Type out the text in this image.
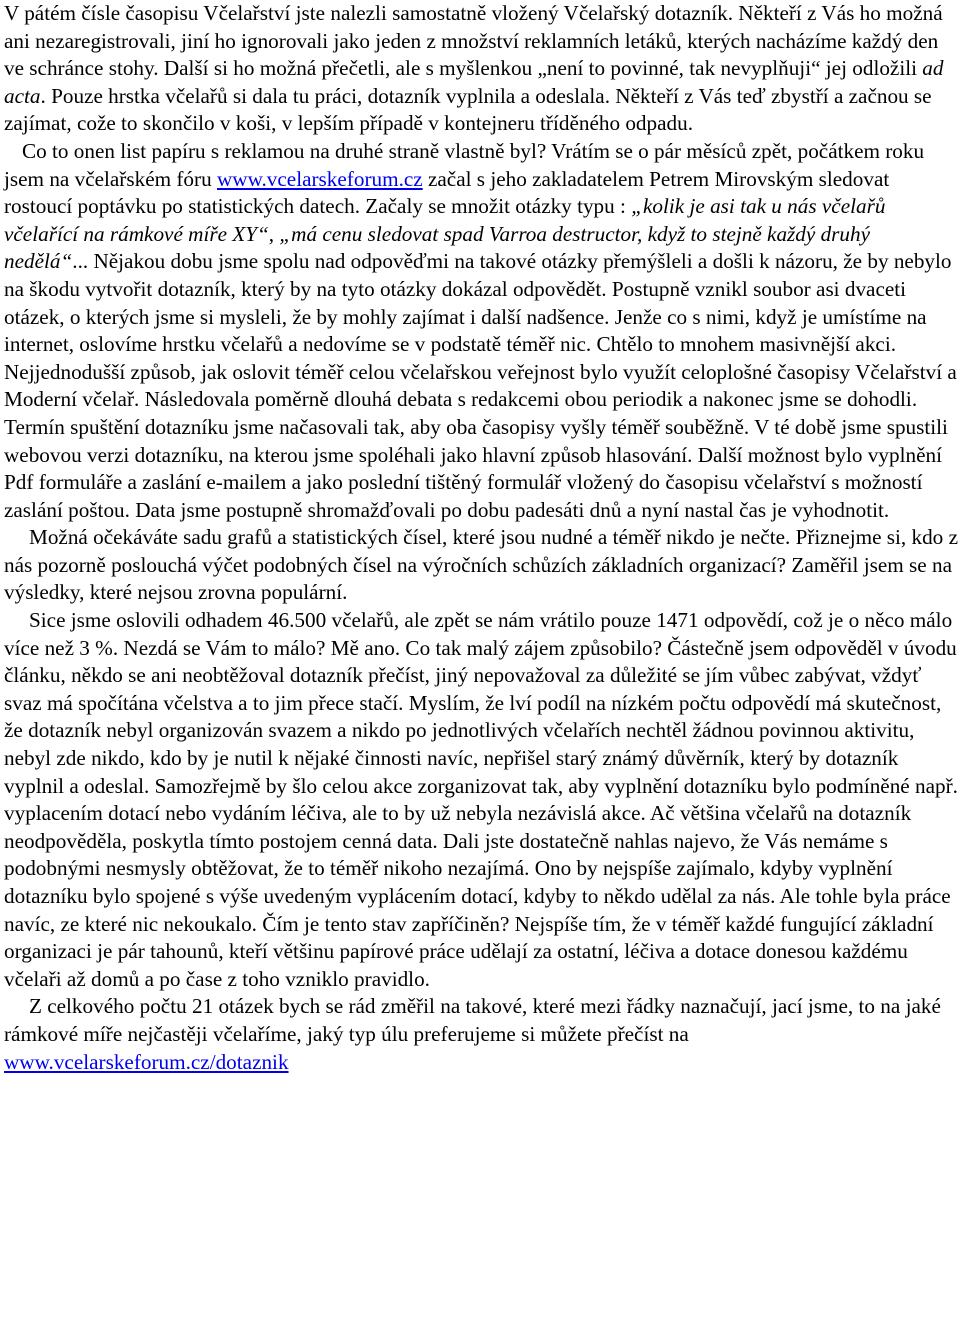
V pátém čísle časopisu Včelařství jste nalezli samostatně vložený Včelařský dotazník. Někteří z Vás ho možná ani nezaregistrovali, jiní ho ignorovali jako jeden z množství reklamních letáků, kterých nacházíme každý den ve schránce stohy. Další si ho možná přečetli, ale s myšlenkou „není to povinné, tak nevyplňuji“ jej odložili ad acta. Pouze hrstka včelařů si dala tu práci, dotazník vyplnila a odeslala. Někteří z Vás teď zbystří a začnou se zajímat, cože to skončilo v koši, v lepším případě v kontejneru tříděného odpadu.

Co to onen list papíru s reklamou na druhé straně vlastně byl? Vrátím se o pár měsíců zpět, počátkem roku jsem na včelařském fóru www.vcelarskeforum.cz začal s jeho zakladatelem Petrem Mirovským sledovat rostoucí poptávku po statistických datech. Začaly se množit otázky typu : „kolik je asi tak u nás včelařů včelařící na rámkové míře XY“, „má cenu sledovat spad Varroa destructor, když to stejně každý druhý nedělá“... Nějakou dobu jsme spolu nad odpověďmi na takové otázky přemýšleli a došli k názoru, že by nebylo na škodu vytvořit dotazník, který by na tyto otázky dokázal odpovědět. Postupně vznikl soubor asi dvaceti otázek, o kterých jsme si mysleli, že by mohly zajímat i další nadšence. Jenže co s nimi, když je umístíme na internet, oslovíme hrstku včelařů a nedovíme se v podstatě téměř nic. Chtělo to mnohem masivnější akci. Nejjednodušší způsob, jak oslovit téměř celou včelařskou veřejnost bylo využít celoplošné časopisy Včelařství a Moderní včelař. Následovala poměrně dlouhá debata s redakcemi obou periodik a nakonec jsme se dohodli. Termín spuštění dotazníku jsme načasovali tak, aby oba časopisy vyšly téměř souběžně. V té době jsme spustili webovou verzi dotazníku, na kterou jsme spoléhali jako hlavní způsob hlasování. Další možnost bylo vyplnění Pdf formuláře a zaslání e-mailem a jako poslední tištěný formulář vložený do časopisu včelařství s možností zaslání poštou. Data jsme postupně shromažďovali po dobu padesáti dnů a nyní nastal čas je vyhodnotit.

Možná očekáváte sadu grafů a statistických čísel, které jsou nudné a téměř nikdo je nečte. Přiznejme si, kdo z nás pozorně poslouchá výčet podobných čísel na výročních schůzích základních organizací? Zaměřil jsem se na výsledky, které nejsou zrovna populární.

Sice jsme oslovili odhadem 46.500 včelařů, ale zpět se nám vrátilo pouze 1471 odpovědí, což je o něco málo více než 3 %. Nezdá se Vám to málo? Mě ano. Co tak malý zájem způsobilo? Částečně jsem odpověděl v úvodu článku, někdo se ani neobtěžoval dotazník přečíst, jiný nepovažoval za důležité se jím vůbec zabývat, vždyť svaz má spočítána včelstva a to jim přece stačí. Myslím, že lví podíl na nízkém počtu odpovědí má skutečnost, že dotazník nebyl organizován svazem a nikdo po jednotlivých včelařích nechtěl žádnou povinnou aktivitu, nebyl zde nikdo, kdo by je nutil k nějaké činnosti navíc, nepřišel starý známý důvěrník, který by dotazník vyplnil a odeslal. Samozřejmě by šlo celou akce zorganizovat tak, aby vyplnění dotazníku bylo podmíněné např. vyplacením dotací nebo vydáním léčiva, ale to by už nebyla nezávislá akce. Ač většina včelařů na dotazník neodpověděla, poskytla tímto postojem cenná data. Dali jste dostatečně nahlas najevo, že Vás nemáme s podobnými nesmysly obtěžovat, že to téměř nikoho nezajímá. Ono by nejspíše zajímalo, kdyby vyplnění dotazníku bylo spojené s výše uvedeným vyplácením dotací, kdyby to někdo udělal za nás. Ale tohle byla práce navíc, ze které nic nekoukalo. Čím je tento stav zapříčiněn? Nejspíše tím, že v téměř každé fungující základní organizaci je pár tahounů, kteří většinu papírové práce udělají za ostatní, léčiva a dotace donesou každému včelaři až domů a po čase z toho vzniklo pravidlo.

Z celkového počtu 21 otázek bych se rád změřil na takové, které mezi řádky naznačují, jací jsme, to na jaké rámkové míře nejčastěji včelaříme, jaký typ úlu preferujeme si můžete přečíst na www.vcelarskeforum.cz/dotaznik
